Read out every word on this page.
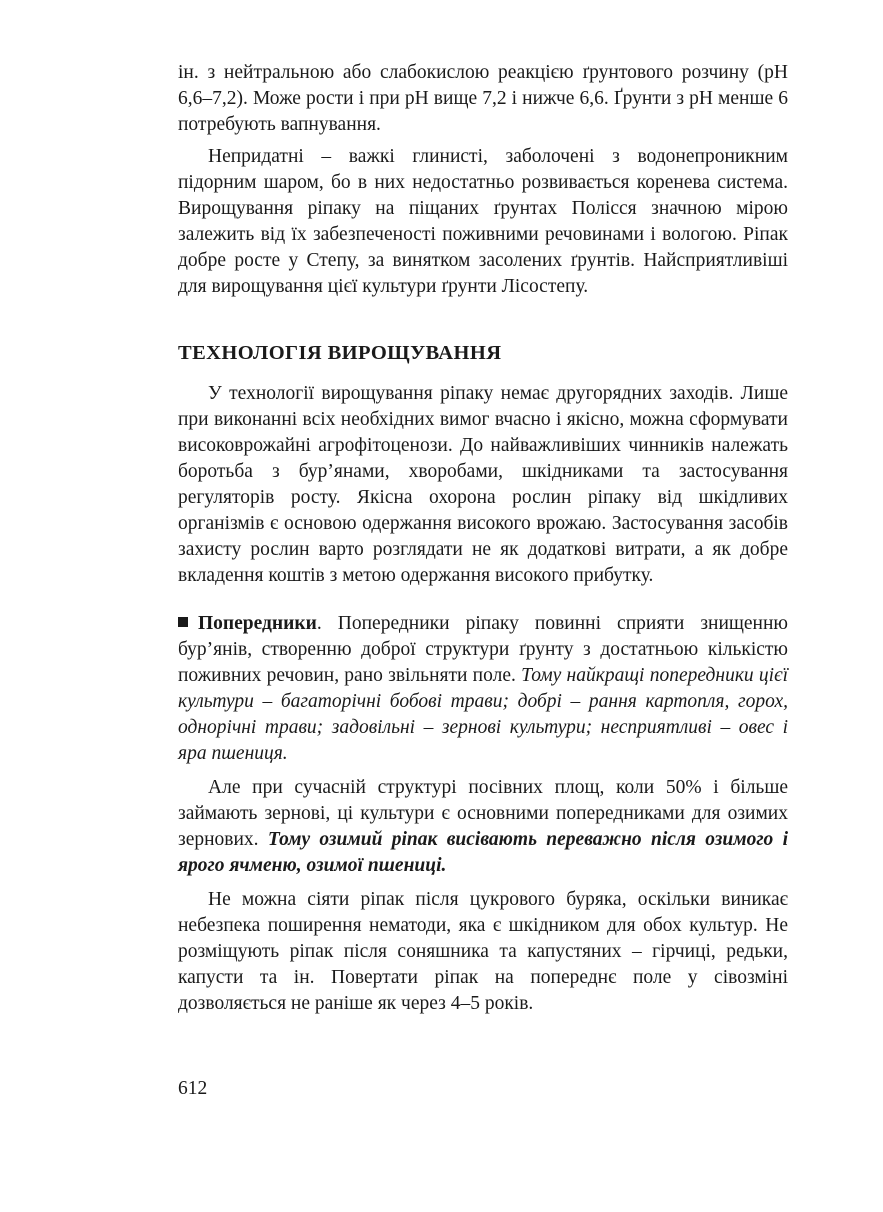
ін. з нейтральною або слабокислою реакцією ґрунтового розчину (рН 6,6–7,2). Може рости і при рН вище 7,2 і нижче 6,6. Ґрунти з рН менше 6 потребують вапнування.

Непридатні – важкі глинисті, заболочені з водонепроникним підорним шаром, бо в них недостатньо розвивається коренева система. Вирощування ріпаку на піщаних ґрунтах Полісся значною мірою залежить від їх забезпеченості поживними речовинами і вологою. Ріпак добре росте у Степу, за винятком засолених ґрунтів. Найсприятливіші для вирощування цієї культури ґрунти Лісостепу.

ТЕХНОЛОГІЯ ВИРОЩУВАННЯ

У технології вирощування ріпаку немає другорядних заходів. Лише при виконанні всіх необхідних вимог вчасно і якісно, можна сформувати високоврожайні агрофітоценози. До найважливіших чинників належать боротьба з бур’янами, хворобами, шкідниками та застосування регуляторів росту. Якісна охорона рослин ріпаку від шкідливих організмів є основою одержання високого врожаю. Застосування засобів захисту рослин варто розглядати не як додаткові витрати, а як добре вкладення коштів з метою одержання високого прибутку.

Попередники. Попередники ріпаку повинні сприяти знищенню бур’янів, створенню доброї структури ґрунту з достатньою кількістю поживних речовин, рано звільняти поле. Тому найкращі попередники цієї культури – багаторічні бобові трави; добрі – рання картопля, горох, однорічні трави; задовільні – зернові культури; несприятливі – овес і яра пшениця.

Але при сучасній структурі посівних площ, коли 50% і більше займають зернові, ці культури є основними попередниками для озимих зернових. Тому озимий ріпак висівають переважно після озимого і ярого ячменю, озимої пшениці.

Не можна сіяти ріпак після цукрового буряка, оскільки виникає небезпека поширення нематоди, яка є шкідником для обох культур. Не розміщують ріпак після соняшника та капустяних – гірчиці, редьки, капусти та ін. Повертати ріпак на попереднє поле у сівозміні дозволяється не раніше як через 4–5 років.

612
